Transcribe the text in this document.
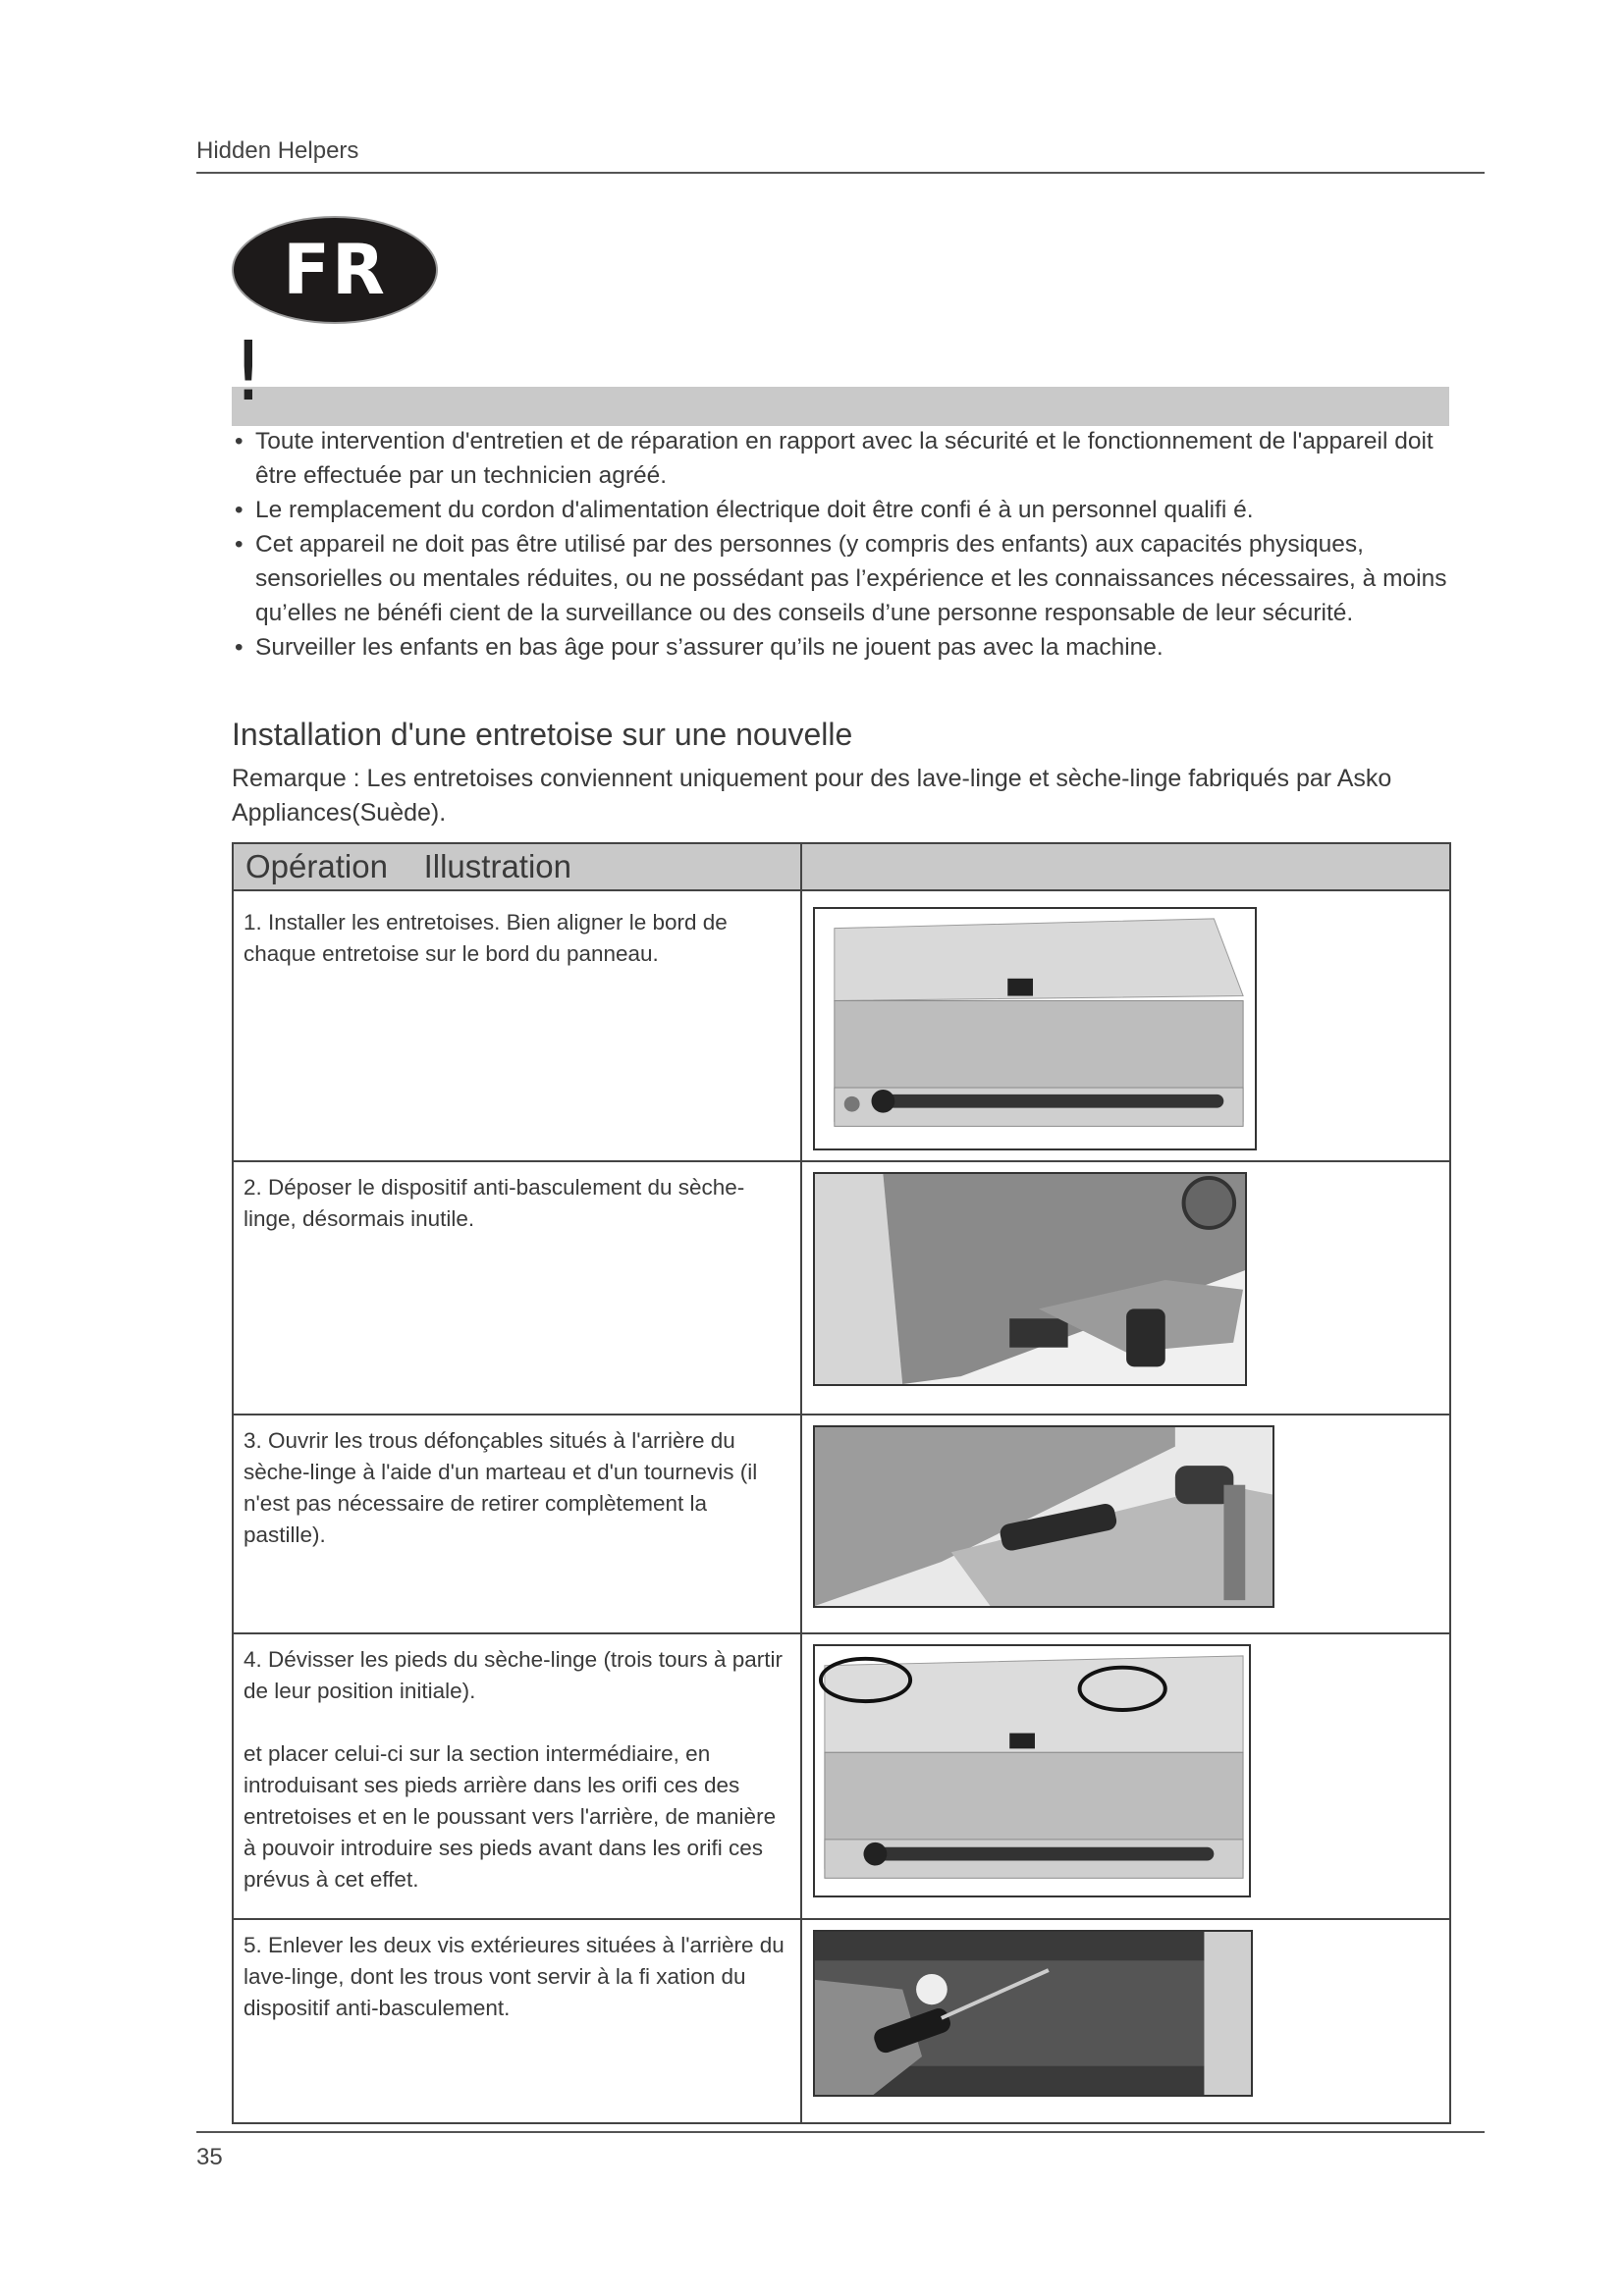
Hidden Helpers
FR
!
• Toute intervention d'entretien et de réparation en rapport avec la sécurité et le fonctionnement de l'appareil doit être effectuée par un technicien agréé.
• Le remplacement du cordon d'alimentation électrique doit être confi é à un personnel qualifi é.
• Cet appareil ne doit pas être utilisé par des personnes (y compris des enfants) aux capacités physiques, sensorielles ou mentales réduites, ou ne possédant pas l’expérience et les connaissances nécessaires, à moins qu’elles ne bénéfi cient de la surveillance ou des conseils d’une personne responsable de leur sécurité.
• Surveiller les enfants en bas âge pour s’assurer qu’ils ne jouent pas avec la machine.
Installation d'une entretoise sur une nouvelle
Remarque : Les entretoises conviennent uniquement pour des lave-linge et sèche-linge fabriqués par Asko Appliances(Suède).
Opération    Illustration

1. Installer les entretoises. Bien aligner le bord de chaque entretoise sur le bord du panneau.

2. Déposer le dispositif anti-basculement du sèche-linge, désormais inutile.

3. Ouvrir les trous défonçables situés à l'arrière du sèche-linge à l'aide d'un marteau et d'un tournevis (il n'est pas nécessaire de retirer complètement la pastille).

4. Dévisser les pieds du sèche-linge (trois tours à partir de leur position initiale).

et placer celui-ci sur la section intermédiaire, en introduisant ses pieds arrière dans les orifi ces des entretoises et en le poussant vers l'arrière, de manière à pouvoir introduire ses pieds avant dans les orifi ces prévus à cet effet.

5. Enlever les deux vis extérieures situées à l'arrière du lave-linge, dont les trous vont servir à la fi xation du dispositif anti-basculement.

35
